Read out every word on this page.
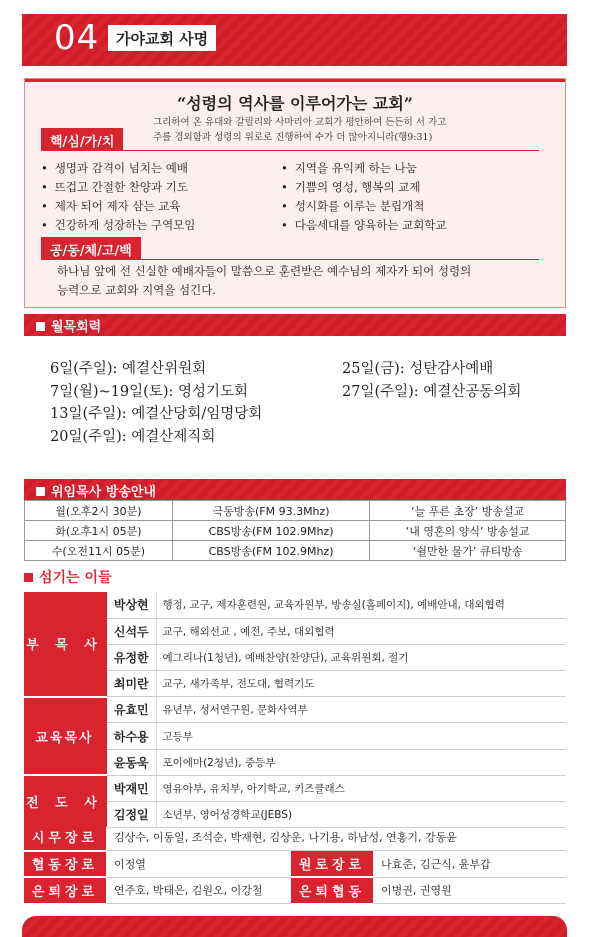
04	가야교회 사명
“성령의 역사를 이루어가는 교회”
그리하여 온 유대와 갈릴리와 사마리아 교회가 평안하여 든든히 서 가고
주를 경외함과 성령의 위로로 진행하여 수가 더 많아지니라(행9:31)
핵/심/가/치
• 생명과 감격이 넘치는 예배
• 뜨겁고 간절한 찬양과 기도
• 제자 되어 제자 삼는 교육
• 건강하게 성장하는 구역모임
• 지역을 유익케 하는 나눔
• 기쁨의 영성, 행복의 교제
• 성시화를 이루는 분립개척
• 다음세대를 양육하는 교회학교
공/동/체/고/백
하나님 앞에 선 신실한 예배자들이 말씀으로 훈련받은 예수님의 제자가 되어 성령의
능력으로 교회와 지역을 섬긴다.
월목회력
6일(주일): 예결산위원회
7일(월)~19일(토): 영성기도회
13일(주일): 예결산당회/임명당회
20일(주일): 예결산제직회
25일(금): 성탄감사예배
27일(주일): 예결산공동의회
위임목사 방송안내
월(오후2시 30분)	극동방송(FM 93.3Mhz)	‘늘 푸른 초장’ 방송설교
화(오후1시 05분)	CBS방송(FM 102.9Mhz)	‘내 영혼의 양식’ 방송설교
수(오전11시 05분)	CBS방송(FM 102.9Mhz)	‘쉴만한 물가’ 큐티방송
섬기는 이들
부 목 사	박상현	행정, 교구, 제자훈련원, 교육자원부, 방송실(홈페이지), 예배안내, 대외협력
	신석두	교구, 해외선교 , 예전, 주보, 대외협력
	유정한	예그리나(1청년), 예배찬양(찬양단), 교육위원회, 절기
	최미란	교구, 새가족부, 전도대, 협력기도
교육목사	유효민	유년부, 성서연구원, 문화사역부
	하수용	고등부
	윤동욱	포이에마(2청년), 중등부
전 도 사	박재민	영유아부, 유치부, 아기학교, 키즈클래스
	김정일	소년부, 영어성경학교(JEBS)
시무장로	김상수, 이동일, 조석순, 박재현, 김상운, 나기용, 하남성, 연홍기, 강동윤		
협동장로	이정열	원로장로	나효준, 김근식, 윤부갑
은퇴장로	연주호, 박태은, 김원오, 이강철	은퇴협동	이병권, 권영원
